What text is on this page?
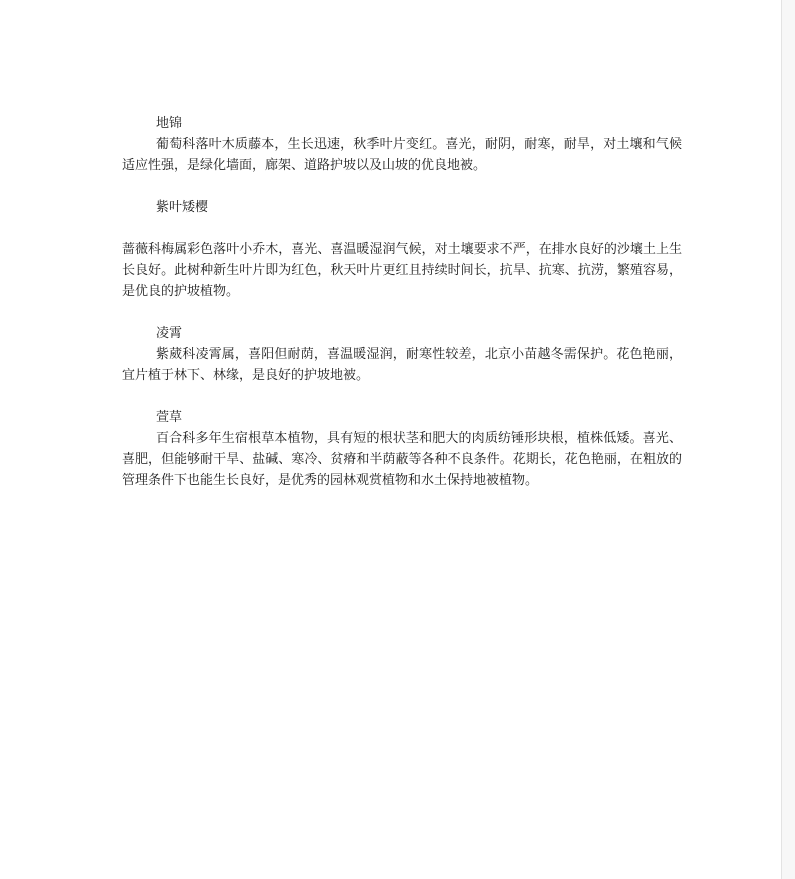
地锦

葡萄科落叶木质藤本，生长迅速，秋季叶片变红。喜光，耐阴，耐寒，耐旱，对土壤和气候适应性强，是绿化墙面，廊架、道路护坡以及山坡的优良地被。

紫叶矮樱

蔷薇科梅属彩色落叶小乔木，喜光、喜温暖湿润气候，对土壤要求不严，在排水良好的沙壤土上生长良好。此树种新生叶片即为红色，秋天叶片更红且持续时间长，抗旱、抗寒、抗涝，繁殖容易，是优良的护坡植物。

凌霄

紫葳科凌霄属，喜阳但耐荫，喜温暖湿润，耐寒性较差，北京小苗越冬需保护。花色艳丽，宜片植于林下、林缘，是良好的护坡地被。

萱草

百合科多年生宿根草本植物，具有短的根状茎和肥大的肉质纺锤形块根，植株低矮。喜光、喜肥，但能够耐干旱、盐碱、寒冷、贫瘠和半荫蔽等各种不良条件。花期长，花色艳丽，在粗放的管理条件下也能生长良好，是优秀的园林观赏植物和水土保持地被植物。
